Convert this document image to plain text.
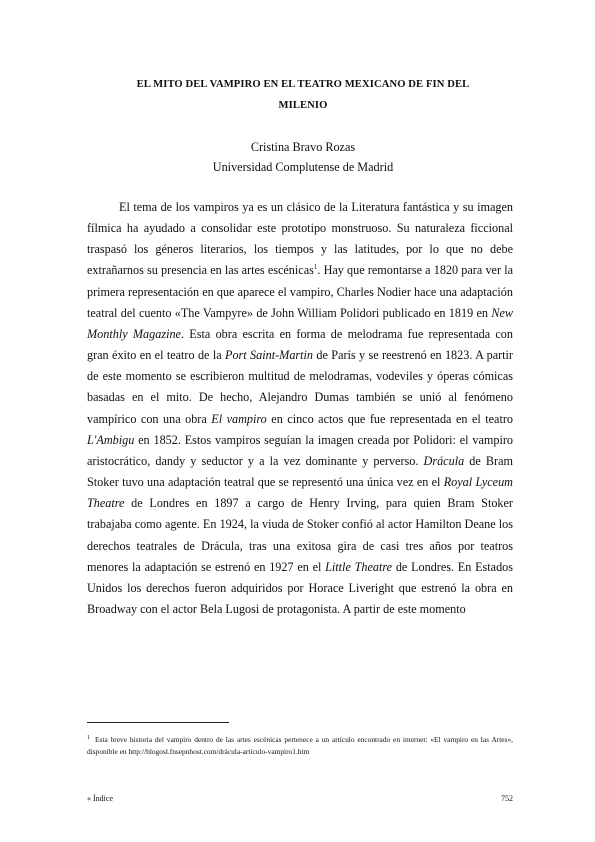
EL MITO DEL VAMPIRO EN EL TEATRO MEXICANO DE FIN DEL
MILENIO
Cristina Bravo Rozas
Universidad Complutense de Madrid

El tema de los vampiros ya es un clásico de la Literatura fantástica y su imagen fílmica ha ayudado a consolidar este prototipo monstruoso. Su naturaleza ficcional traspasó los géneros literarios, los tiempos y las latitudes, por lo que no debe extrañarnos su presencia en las artes escénicas$^1$. Hay que remontarse a 1820 para ver la primera representación en que aparece el vampiro, Charles Nodier hace una adaptación teatral del cuento «The Vampyre» de John William Polidori publicado en 1819 en New Monthly Magazine. Esta obra escrita en forma de melodrama fue representada con gran éxito en el teatro de la Port Saint-Martin de París y se reestrenó en 1823. A partir de este momento se escribieron multitud de melodramas, vodeviles y óperas cómicas basadas en el mito. De hecho, Alejandro Dumas también se unió al fenómeno vampírico con una obra El vampiro en cinco actos que fue representada en el teatro L'Ambigu en 1852. Estos vampiros seguían la imagen creada por Polidori: el vampiro aristocrático, dandy y seductor y a la vez dominante y perverso. Drácula de Bram Stoker tuvo una adaptación teatral que se representó una única vez en el Royal Lyceum Theatre de Londres en 1897 a cargo de Henry Irving, para quien Bram Stoker trabajaba como agente. En 1924, la viuda de Stoker confió al actor Hamilton Deane los derechos teatrales de Drácula, tras una exitosa gira de casi tres años por teatros menores la adaptación se estrenó en 1927 en el Little Theatre de Londres. En Estados Unidos los derechos fueron adquiridos por Horace Liveright que estrenó la obra en Broadway con el actor Bela Lugosi de protagonista. A partir de este momento

$^1$ Esta breve historia del vampiro dentro de las artes escénicas pertenece a un artículo encontrado en internet: «El vampiro en las Artes», disponible en http://blogosl.fnsepnhost.com/drácula-articulo-vampiro1.htm

« Índice	752
